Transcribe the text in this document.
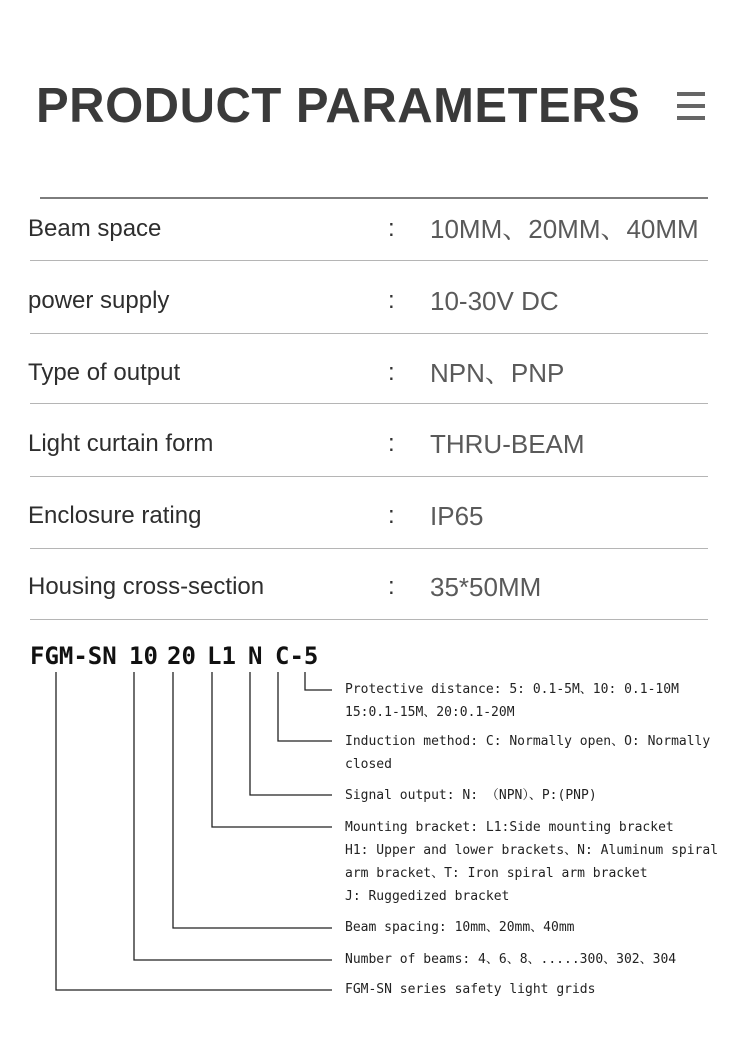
PRODUCT PARAMETERS
Beam space	: 10MM、20MM、40MM
power supply	: 10-30V DC
Type of output	: NPN、PNP
Light curtain form	: THRU-BEAM
Enclosure rating	: IP65
Housing cross-section	: 35*50MM
FGM-SN 10 20 L1 N C-5
Protective distance: 5: 0.1-5M、10: 0.1-10M
15:0.1-15M、20:0.1-20M
Induction method: C: Normally open、O: Normally
closed
Signal output: N: （NPN）、P:(PNP)
Mounting bracket: L1:Side mounting bracket
H1: Upper and lower brackets、N: Aluminum spiral
arm bracket、T: Iron spiral arm bracket
J: Ruggedized bracket
Beam spacing: 10mm、20mm、40mm
Number of beams: 4、6、8、.....300、302、304
FGM-SN series safety light grids
